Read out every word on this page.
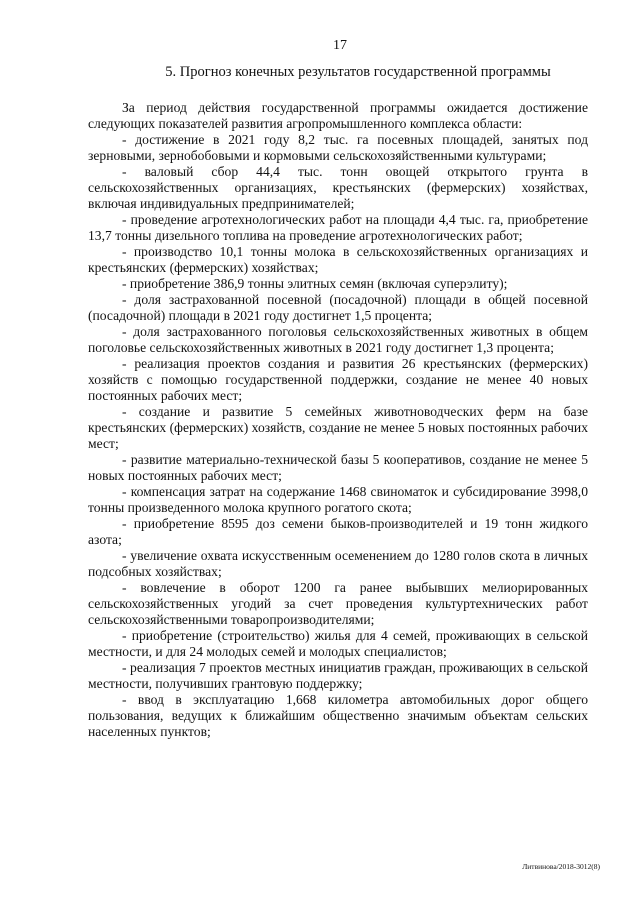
17
5. Прогноз конечных результатов государственной программы

За период действия государственной программы ожидается достижение следующих показателей развития агропромышленного комплекса области:

- достижение в 2021 году 8,2 тыс. га посевных площадей, занятых под зерновыми, зернобобовыми и кормовыми сельскохозяйственными культурами;

- валовый сбор 44,4 тыс. тонн овощей открытого грунта в сельскохозяйственных организациях, крестьянских (фермерских) хозяйствах, включая индивидуальных предпринимателей;

- проведение агротехнологических работ на площади 4,4 тыс. га, приобретение 13,7 тонны дизельного топлива на проведение агротехнологических работ;

- производство 10,1 тонны молока в сельскохозяйственных организациях и крестьянских (фермерских) хозяйствах;

- приобретение 386,9 тонны элитных семян (включая суперэлиту);

- доля застрахованной посевной (посадочной) площади в общей посевной (посадочной) площади в 2021 году достигнет 1,5 процента;

- доля застрахованного поголовья сельскохозяйственных животных в общем поголовье сельскохозяйственных животных в 2021 году достигнет 1,3 процента;

- реализация проектов создания и развития 26 крестьянских (фермерских) хозяйств с помощью государственной поддержки, создание не менее 40 новых постоянных рабочих мест;

- создание и развитие 5 семейных животноводческих ферм на базе крестьянских (фермерских) хозяйств, создание не менее 5 новых постоянных рабочих мест;

- развитие материально-технической базы 5 кооперативов, создание не менее 5 новых постоянных рабочих мест;

- компенсация затрат на содержание 1468 свиноматок и субсидирование 3998,0 тонны произведенного молока крупного рогатого скота;

- приобретение 8595 доз семени быков-производителей и 19 тонн жидкого азота;

- увеличение охвата искусственным осеменением до 1280 голов скота в личных подсобных хозяйствах;

- вовлечение в оборот 1200 га ранее выбывших мелиорированных сельскохозяйственных угодий за счет проведения культуртехнических работ сельскохозяйственными товаропроизводителями;

- приобретение (строительство) жилья для 4 семей, проживающих в сельской местности, и для 24 молодых семей и молодых специалистов;

- реализация 7 проектов местных инициатив граждан, проживающих в сельской местности, получивших грантовую поддержку;

- ввод в эксплуатацию 1,668 километра автомобильных дорог общего пользования, ведущих к ближайшим общественно значимым объектам сельских населенных пунктов;

Литвинова/2018-3012(8)
